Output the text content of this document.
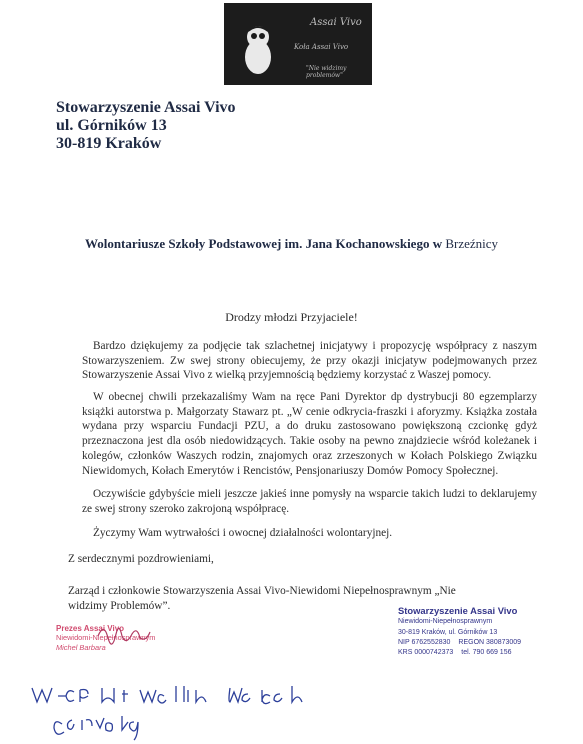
Assai Vivo
Koła Assai Vivo
"Nie widzimy problemów"
Stowarzyszenie Assai Vivo
ul. Górników 13
30-819 Kraków
Wolontariusze Szkoły Podstawowej im. Jana Kochanowskiego w Brzeźnicy
Drodzy młodzi Przyjaciele!

Bardzo dziękujemy za podjęcie tak szlachetnej inicjatywy i propozycję współpracy z naszym Stowarzyszeniem. Zw swej strony obiecujemy, że przy okazji inicjatyw podejmowanych przez Stowarzyszenie Assai Vivo z wielką przyjemnością będziemy korzystać z Waszej pomocy.

W obecnej chwili przekazaliśmy Wam na ręce Pani Dyrektor dp dystrybucji 80 egzemplarzy książki autorstwa p. Małgorzaty Stawarz pt. „W cenie odkrycia-fraszki i aforyzmy. Książka została wydana przy wsparciu Fundacji PZU, a do druku zastosowano powiększoną czcionkę gdyż przeznaczona jest dla osób niedowidzących. Takie osoby na pewno znajdziecie wśród koleżanek i kolegów, członków Waszych rodzin, znajomych oraz zrzeszonych w Kołach Polskiego Związku Niewidomych, Kołach Emerytów i Rencistów, Pensjonariuszy Domów Pomocy Społecznej.

Oczywiście gdybyście mieli jeszcze jakieś inne pomysły na wsparcie takich ludzi to deklarujemy ze swej strony szeroko zakrojoną współpracę.

Życzymy Wam wytrwałości i owocnej działalności wolontaryjnej.

Z serdecznymi pozdrowieniami,
Zarząd i członkowie Stowarzyszenia Assai Vivo-Niewidomi Niepełnosprawnym „Nie widzimy Problemów”.
Prezes Assai Vivo
Niewidomi-Niepełnosprawnym
Michel Barbara
Stowarzyszenie Assai Vivo
Niewidomi-Niepełnosprawnym
30-819 Kraków, ul. Górników 13
NIP 6762552830 REGON 380873009
KRS 0000742373 tel. 790 669 156
